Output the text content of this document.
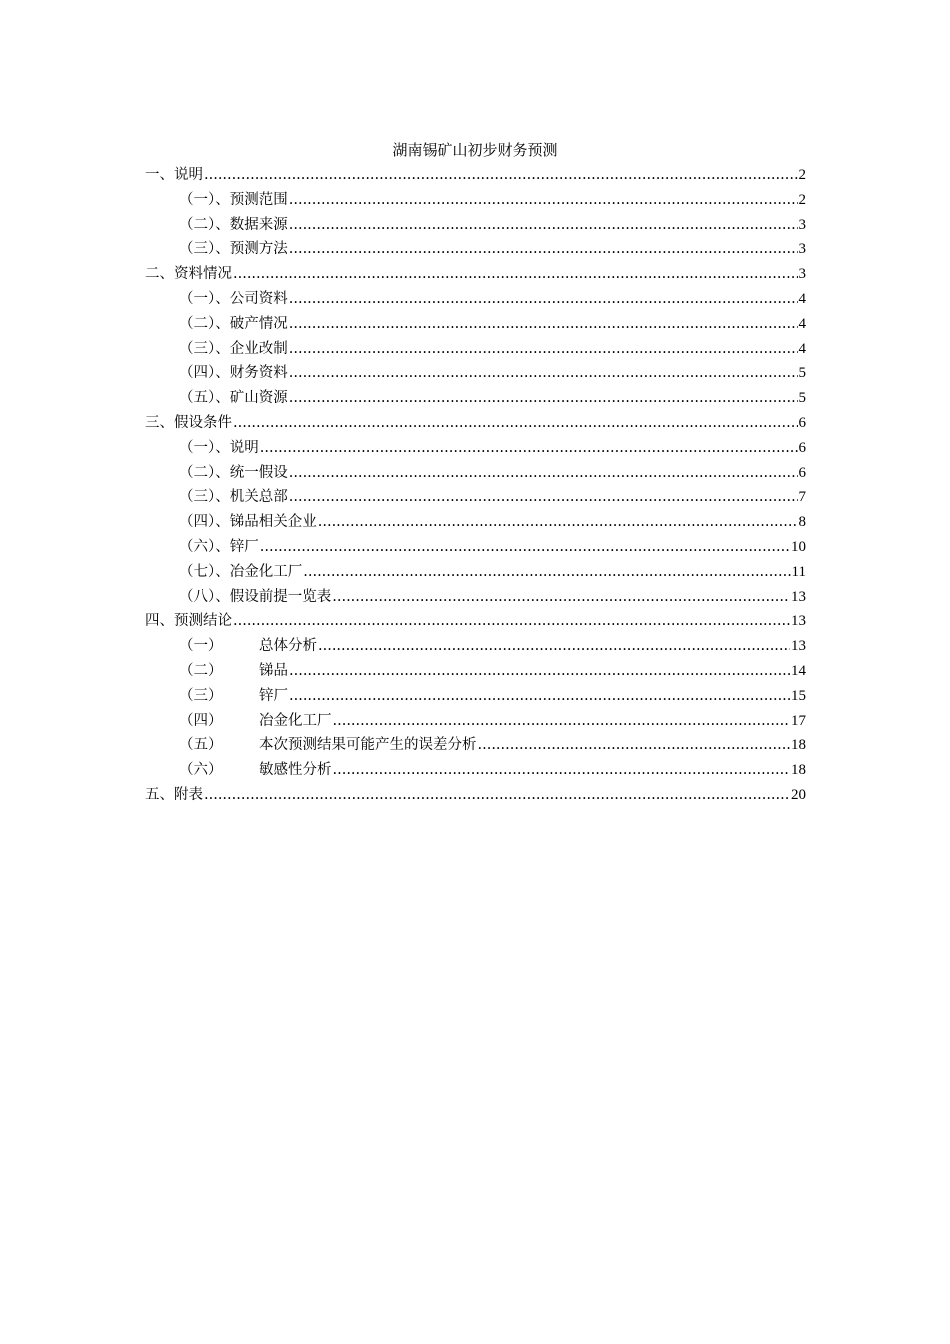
湖南锡矿山初步财务预测
一、说明 .....	2
（一）、预测范围 .....	2
（二）、数据来源 .....	3
（三）、预测方法 .....	3
二、资料情况 .....	3
（一）、公司资料 .....	4
（二）、破产情况 .....	4
（三）、企业改制 .....	4
（四）、财务资料 .....	5
（五）、矿山资源 .....	5
三、假设条件 .....	6
（一）、说明 .....	6
（二）、统一假设 .....	6
（三）、机关总部 .....	7
（四）、锑品相关企业 .....	8
（六）、锌厂 .....	10
（七）、冶金化工厂 .....	11
（八）、假设前提一览表 .....	13
四、预测结论 .....	13
（一）	总体分析 .....	13
（二）	锑品 .....	14
（三）	锌厂 .....	15
（四）	冶金化工厂 .....	17
（五）	本次预测结果可能产生的误差分析 .....	18
（六）	敏感性分析 .....	18
五、附表 .....	20
